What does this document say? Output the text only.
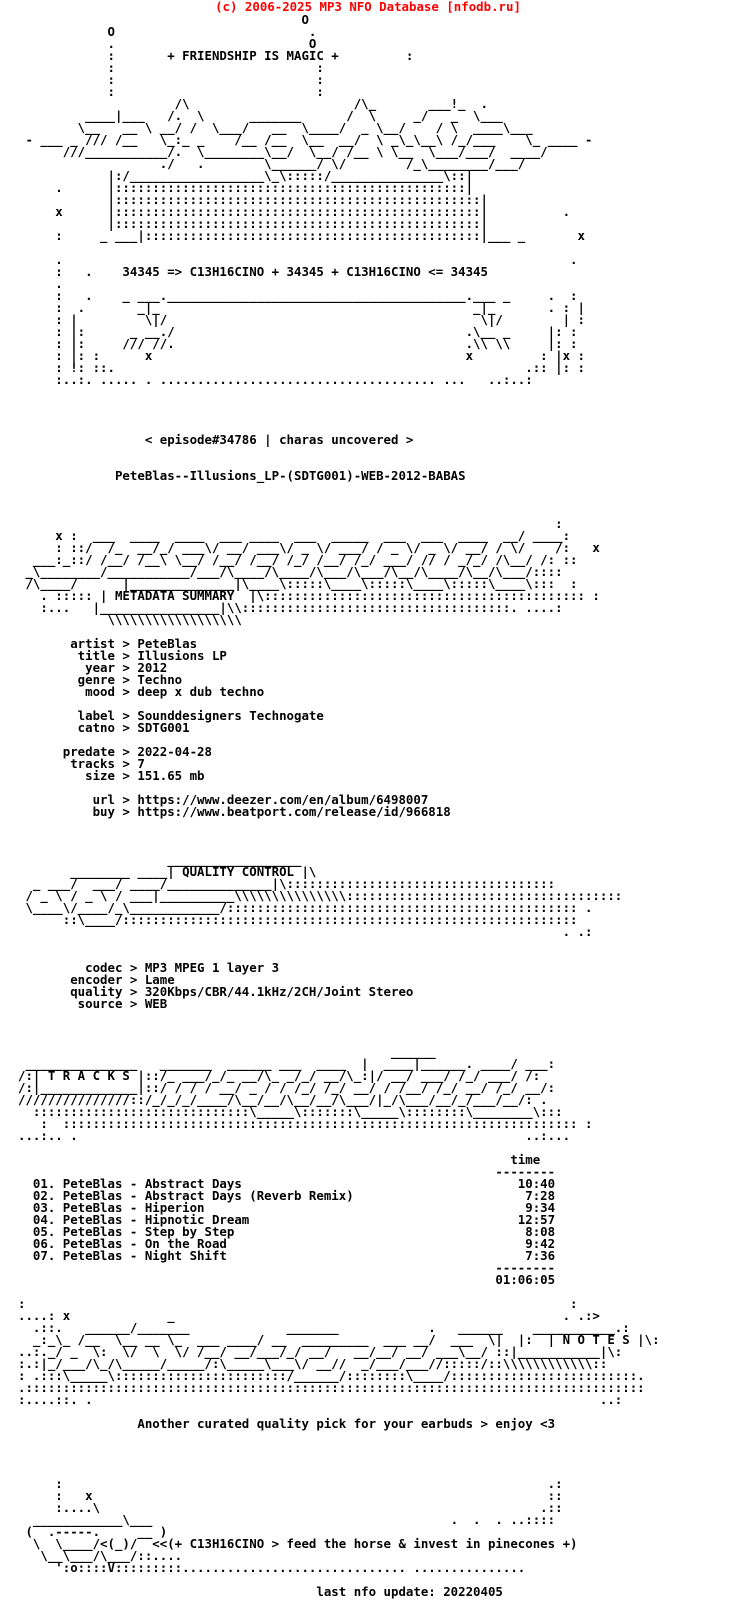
(c) 2006-2025 MP3 NFO Database [nfodb.ru]
O
O                          .
.                          O
:       + FRIENDSHIP IS MAGIC +         :
:                           :
:                           :
:                           :
/\                      /\_       ___!_  .
____|___   /.  \      _______      /  \     _/   _  \___
\__   __ \ __/ /  \___/   __  \____/  _ \__/    / \  ____\___
- ___ _ /// /__   \_:_ _    /__ /__  \__  __/  \ _\_\__\ /_/___    \_ ____ -
///___________/.  \________\__/  \__/ /__ \ \__  \___/___/  ____/
./   .        \______/ \/        /_\________/___/
|:/__________________\_\:::::/_______________\::|
.      |:::::::::::::::::::::::::::::::::::::::::::::::|
|:::::::::::::::::::::::::::::::::::::::::::::::::|
x      |:::::::::::::::::::::::::::::::::::::::::::::::::|          .
|:::::::::::::::::::::::::::::::::::::::::::::::::|
:     _ ___|:::::::::::::::::::::::::::::::::::::::::::::|___ _       x
.                                                                    .
:   .    34345 => C13H16CINO + 34345 + C13H16CINO <= 34345
.
:   .    _ ___.________________________________________.___ _     .  :
:  .       _|_                                          _|_       . : |
: |         \|/                                          \|/        | :
: |:      _ __./                                       .\__ _     |: :
: |:     /// //.                                       .\\ \\     |: :
: |: :      x                                          x         : |x :
: !: ::.                                                       .:: |: :
:..:. ..... . ..................................... ...   ..:..:
< episode#34786 | charas uncovered >
PeteBlas--Illusions_LP-(SDTG001)-WEB-2012-BABAS
:
x :  ___  ____  ____  ___ ____  ___  _____  ___  ___  ____  __/ ____:
: ::/  /_  __/_/ ___\/ __/ ___\/ _ \/ ___/ / _ \/ _ \/ __/ / \/    /:   x
___:_::/ /__/ /__\ \__/ /__/ /__/ /_/ /__/ /_/ ___/ // / _/_/ /\__/ /: ::
_\________/___________/___/\____/\____/\___/\___/\__/\____/\__/\___/::::
/\____/      |______________|\____\:::::\____\:::::\____\:::::\____\:::  :
. ::::: | METADATA SUMMARY  |\::::::::::::::::::::::::::::::::::::::::::: :
:...   |________________|\\::::::::::::::::::::::::::::::::::::. ....:
\\\\\\\\\\\\\\\\\\
artist > PeteBlas
title > Illusions LP
year > 2012
genre > Techno
mood > deep x dub techno
label > Sounddesigners Technogate
catno > SDTG001
predate > 2022-04-28
tracks > 7
size > 151.65 mb
url > https://www.deezer.com/en/album/6498007
buy > https://www.beatport.com/release/id/966818
__________________
________ ____| QUALITY CONTROL |\
_ ___/  ___/ ____/______________|\::::::::::::::::::::::::::::::::::::
/ _ \ / _ \ / ___|__________\\\\\\\\\\\\\\\:::::::::::::::::::::::::::::::::::::
\____\/____/_\____________/::::::::::::::::::::::::::::::::::::::::::::::: .
::\____/:::::::::::::::::::::::::::::::::::::::::::::::::::::::::::::
. .:
codec > MP3 MPEG 1 layer 3
encoder > Lame
quality > 320Kbps/CBR/44.1kHz/2CH/Joint Stereo
source > WEB
______
_______________   _______  ______ ___  ____  |  ____|______. ____/ ___:
/:| T R A C K S |::/_ ___/_/_ __/\_ _/_/ __/\_:|/ __/ ___/ /_/ ___/ /:
/:|_____________|::/ / / / __/ _ / / /_/ /_/ __/ / /__/ /_/ __/ /_/ __/:
///////////////::/_/_/_/____/\__/__/\__/__/\___/|_/\___/__/_/___/__/: .
:::::::::::::::::::::::::::::\_____\:::::::\_____\::::::::\________\:::
:  ::::::::::::::::::::::::::::::::::::::::::::::::::::::::::::::::::::: :
...:.. .                                                            ..:...
time
--------
01. PeteBlas - Abstract Days                                     10:40
02. PeteBlas - Abstract Days (Reverb Remix)                       7:28
03. PeteBlas - Hiperion                                           9:34
04. PeteBlas - Hipnotic Dream                                    12:57
05. PeteBlas - Step by Step                                       8:08
06. PeteBlas - On the Road                                        9:42
07. PeteBlas - Night Shift                                        7:36
--------
01:06:05
:                                                                         :
....: x             _                                                    . .:>
.::.   ______/_______             _______            .   ______    ___________.:
_:_\_ /__  \__ __ \_  ___ ____/ __  _________  ___ __/  ___  \|  |:  | N O T E S |\:
..:._/ _  \:  \/  \  \/ /__/ __/___/_/ __/   __/__/ __/ ___\__/ ::|___________|\:
:.:|_/___/\_/\_____/_____/:\_____\___\/ __//  _/___/___//:::::/::\\\\\\\\\\\\::
: .:::\_____\:::::::::::::::::::::::/______/::::::::\____/:::::::::::::::::::::::::.
.:::::::::::::::::::::::::::::::::::::::::::::::::::::::::::::::::::::::::::::::::::
:....::. .                                                                    ..:
Another curated quality pick for your earbuds > enjoy <3
:                                                                 .:
:   x                                                             ::
:....\                                                           .::
____________\___                                        .  .  . ..::::
(  .-----.     __ )
\  \____/<(_)/  <<(+ C13H16CINO > feed the horse & invest in pinecones +)
\__\___/\___/::....
':o::::V:::::::::.............................. ...............
last nfo update: 20220405
